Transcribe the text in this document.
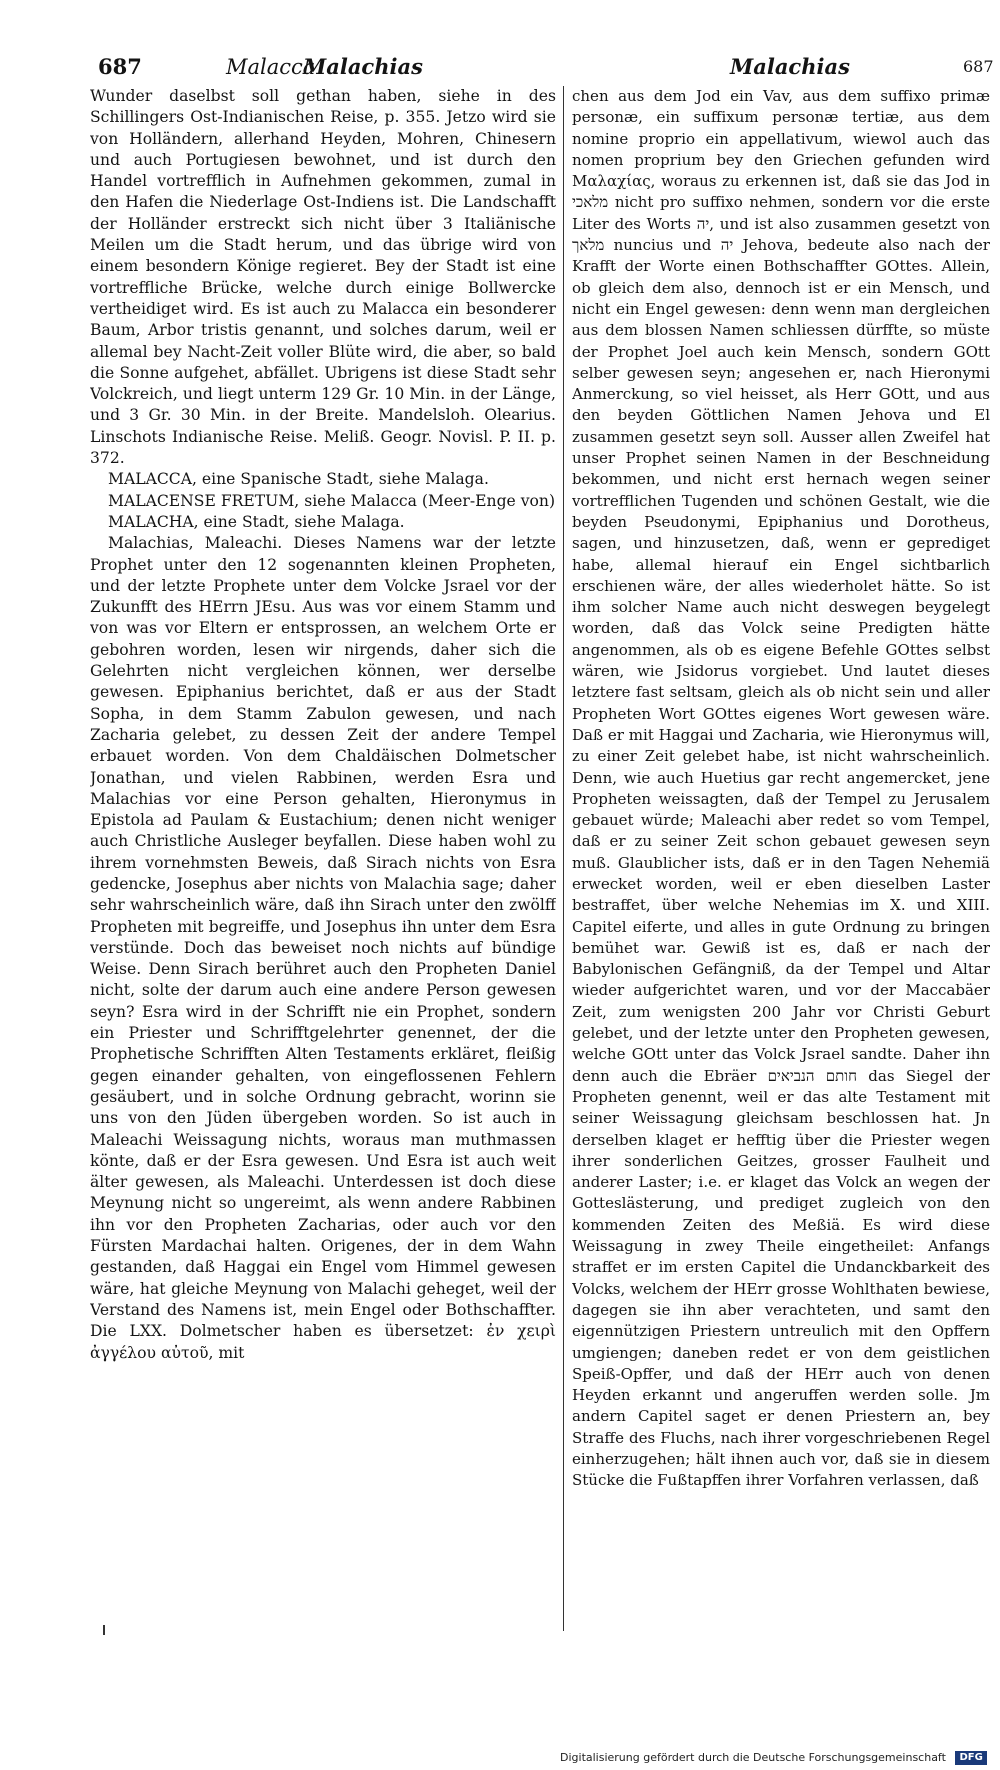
687	Malacca
Malachias	Malachias	687

Wunder daselbst soll gethan haben, siehe in des Schillingers Ost-Indianischen Reise, p. 355. Jetzo wird sie von Holländern, allerhand Heyden, Mohren, Chinesern und auch Portugiesen bewohnet, und ist durch den Handel vortrefflich in Aufnehmen gekommen, zumal in den Hafen die Niederlage Ost-Indiens ist. Die Landschafft der Holländer erstreckt sich nicht über 3 Italiänische Meilen um die Stadt herum, und das übrige wird von einem besondern Könige regieret. Bey der Stadt ist eine vortreffliche Brücke, welche durch einige Bollwercke vertheidiget wird. Es ist auch zu Malacca ein besonderer Baum, Arbor tristis genannt, und solches darum, weil er allemal bey Nacht-Zeit voller Blüte wird, die aber, so bald die Sonne aufgehet, abfället. Ubrigens ist diese Stadt sehr Volckreich, und liegt unterm 129 Gr. 10 Min. in der Länge, und 3 Gr. 30 Min. in der Breite. Mandelsloh. Olearius. Linschots Indianische Reise. Meliß. Geogr. Novisl. P. II. p. 372.

MALACCA, eine Spanische Stadt, siehe Malaga.

MALACENSE FRETUM, siehe Malacca (Meer-Enge von)

MALACHA, eine Stadt, siehe Malaga.

Malachias, Maleachi. Dieses Namens war der letzte Prophet unter den 12 sogenannten kleinen Propheten, und der letzte Prophete unter dem Volcke Jsrael vor der Zukunfft des HErrn JEsu. Aus was vor einem Stamm und von was vor Eltern er entsprossen, an welchem Orte er gebohren worden, lesen wir nirgends, daher sich die Gelehrten nicht vergleichen können, wer derselbe gewesen. Epiphanius berichtet, daß er aus der Stadt Sopha, in dem Stamm Zabulon gewesen, und nach Zacharia gelebet, zu dessen Zeit der andere Tempel erbauet worden. Von dem Chaldäischen Dolmetscher Jonathan, und vielen Rabbinen, werden Esra und Malachias vor eine Person gehalten, Hieronymus in Epistola ad Paulam & Eustachium; denen nicht weniger auch Christliche Ausleger beyfallen. Diese haben wohl zu ihrem vornehmsten Beweis, daß Sirach nichts von Esra gedencke, Josephus aber nichts von Malachia sage; daher sehr wahrscheinlich wäre, daß ihn Sirach unter den zwölff Propheten mit begreiffe, und Josephus ihn unter dem Esra verstünde. Doch das beweiset noch nichts auf bündige Weise. Denn Sirach berühret auch den Propheten Daniel nicht, solte der darum auch eine andere Person gewesen seyn? Esra wird in der Schrifft nie ein Prophet, sondern ein Priester und Schrifftgelehrter genennet, der die Prophetische Schrifften Alten Testaments erkläret, fleißig gegen einander gehalten, von eingeflossenen Fehlern gesäubert, und in solche Ordnung gebracht, worinn sie uns von den Jüden übergeben worden. So ist auch in Maleachi Weissagung nichts, woraus man muthmassen könte, daß er der Esra gewesen. Und Esra ist auch weit älter gewesen, als Maleachi. Unterdessen ist doch diese Meynung nicht so ungereimt, als wenn andere Rabbinen ihn vor den Propheten Zacharias, oder auch vor den Fürsten Mardachai halten. Origenes, der in dem Wahn gestanden, daß Haggai ein Engel vom Himmel gewesen wäre, hat gleiche Meynung von Malachi geheget, weil der Verstand des Namens ist, mein Engel oder Bothschaffter. Die LXX. Dolmetscher haben es übersetzet: ἐν χειρὶ ἀγγέλου αὐτοῦ, mit

chen aus dem Jod ein Vav, aus dem suffixo primæ personæ, ein suffixum personæ tertiæ, aus dem nomine proprio ein appellativum, wiewol auch das nomen proprium bey den Griechen gefunden wird Μαλαχίας, woraus zu erkennen ist, daß sie das Jod in מלאכי nicht pro suffixo nehmen, sondern vor die erste Liter des Worts יה, und ist also zusammen gesetzt von מלאך nuncius und יה Jehova, bedeute also nach der Krafft der Worte einen Bothschaffter GOttes. Allein, ob gleich dem also, dennoch ist er ein Mensch, und nicht ein Engel gewesen: denn wenn man dergleichen aus dem blossen Namen schliessen dürffte, so müste der Prophet Joel auch kein Mensch, sondern GOtt selber gewesen seyn; angesehen er, nach Hieronymi Anmerckung, so viel heisset, als Herr GOtt, und aus den beyden Göttlichen Namen Jehova und El zusammen gesetzt seyn soll. Ausser allen Zweifel hat unser Prophet seinen Namen in der Beschneidung bekommen, und nicht erst hernach wegen seiner vortrefflichen Tugenden und schönen Gestalt, wie die beyden Pseudonymi, Epiphanius und Dorotheus, sagen, und hinzusetzen, daß, wenn er geprediget habe, allemal hierauf ein Engel sichtbarlich erschienen wäre, der alles wiederholet hätte. So ist ihm solcher Name auch nicht deswegen beygelegt worden, daß das Volck seine Predigten hätte angenommen, als ob es eigene Befehle GOttes selbst wären, wie Jsidorus vorgiebet. Und lautet dieses letztere fast seltsam, gleich als ob nicht sein und aller Propheten Wort GOttes eigenes Wort gewesen wäre. Daß er mit Haggai und Zacharia, wie Hieronymus will, zu einer Zeit gelebet habe, ist nicht wahrscheinlich. Denn, wie auch Huetius gar recht angemercket, jene Propheten weissagten, daß der Tempel zu Jerusalem gebauet würde; Maleachi aber redet so vom Tempel, daß er zu seiner Zeit schon gebauet gewesen seyn muß. Glaublicher ists, daß er in den Tagen Nehemiä erwecket worden, weil er eben dieselben Laster bestraffet, über welche Nehemias im X. und XIII. Capitel eiferte, und alles in gute Ordnung zu bringen bemühet war. Gewiß ist es, daß er nach der Babylonischen Gefängniß, da der Tempel und Altar wieder aufgerichtet waren, und vor der Maccabäer Zeit, zum wenigsten 200 Jahr vor Christi Geburt gelebet, und der letzte unter den Propheten gewesen, welche GOtt unter das Volck Jsrael sandte. Daher ihn denn auch die Ebräer חותם הנביאים das Siegel der Propheten genennt, weil er das alte Testament mit seiner Weissagung gleichsam beschlossen hat. Jn derselben klaget er hefftig über die Priester wegen ihrer sonderlichen Geitzes, grosser Faulheit und anderer Laster; i.e. er klaget das Volck an wegen der Gotteslästerung, und prediget zugleich von den kommenden Zeiten des Meßiä. Es wird diese Weissagung in zwey Theile eingetheilet: Anfangs straffet er im ersten Capitel die Undanckbarkeit des Volcks, welchem der HErr grosse Wohlthaten bewiese, dagegen sie ihn aber verachteten, und samt den eigennützigen Priestern untreulich mit den Opffern umgiengen; daneben redet er von dem geistlichen Speiß-Opffer, und daß der HErr auch von denen Heyden erkannt und angeruffen werden solle. Jm andern Capitel saget er denen Priestern an, bey Straffe des Fluchs, nach ihrer vorgeschriebenen Regel einherzugehen; hält ihnen auch vor, daß sie in diesem Stücke die Fußtapffen ihrer Vorfahren verlassen, daß

Digitalisierung gefördert durch die Deutsche Forschungsgemeinschaft DFG
